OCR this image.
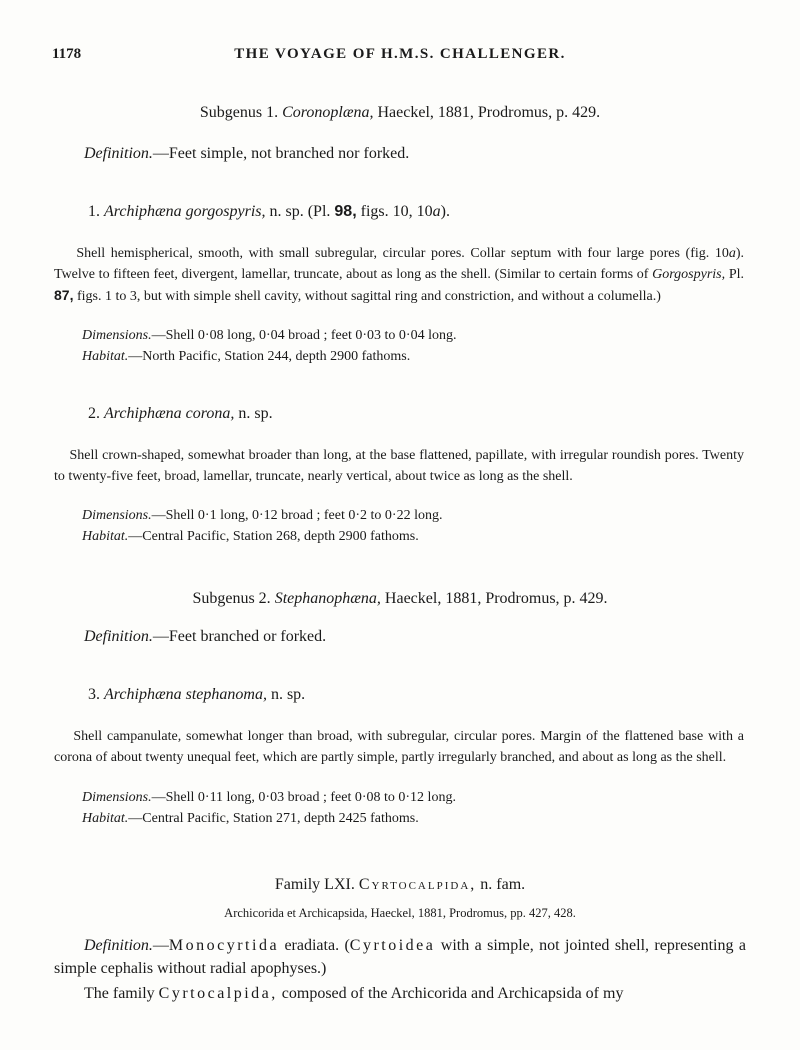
1178	THE VOYAGE OF H.M.S. CHALLENGER.
Subgenus 1. Coronoplæna, Haeckel, 1881, Prodromus, p. 429.
Definition.—Feet simple, not branched nor forked.
1. Archiphæna gorgospyris, n. sp. (Pl. 98, figs. 10, 10a).
Shell hemispherical, smooth, with small subregular, circular pores. Collar septum with four large pores (fig. 10a). Twelve to fifteen feet, divergent, lamellar, truncate, about as long as the shell. (Similar to certain forms of Gorgospyris, Pl. 87, figs. 1 to 3, but with simple shell cavity, without sagittal ring and constriction, and without a columella.)
Dimensions.—Shell 0·08 long, 0·04 broad ; feet 0·03 to 0·04 long.
Habitat.—North Pacific, Station 244, depth 2900 fathoms.
2. Archiphæna corona, n. sp.
Shell crown-shaped, somewhat broader than long, at the base flattened, papillate, with irregular roundish pores. Twenty to twenty-five feet, broad, lamellar, truncate, nearly vertical, about twice as long as the shell.
Dimensions.—Shell 0·1 long, 0·12 broad ; feet 0·2 to 0·22 long.
Habitat.—Central Pacific, Station 268, depth 2900 fathoms.
Subgenus 2. Stephanophæna, Haeckel, 1881, Prodromus, p. 429.
Definition.—Feet branched or forked.
3. Archiphæna stephanoma, n. sp.
Shell campanulate, somewhat longer than broad, with subregular, circular pores. Margin of the flattened base with a corona of about twenty unequal feet, which are partly simple, partly irregularly branched, and about as long as the shell.
Dimensions.—Shell 0·11 long, 0·03 broad ; feet 0·08 to 0·12 long.
Habitat.—Central Pacific, Station 271, depth 2425 fathoms.
Family LXI. Cyrtocalpida, n. fam.
Archicorida et Archicapsida, Haeckel, 1881, Prodromus, pp. 427, 428.
Definition.—Monocyrtida eradiata. (Cyrtoidea with a simple, not jointed shell, representing a simple cephalis without radial apophyses.)
The family Cyrtocalpida, composed of the Archicorida and Archicapsida of my
